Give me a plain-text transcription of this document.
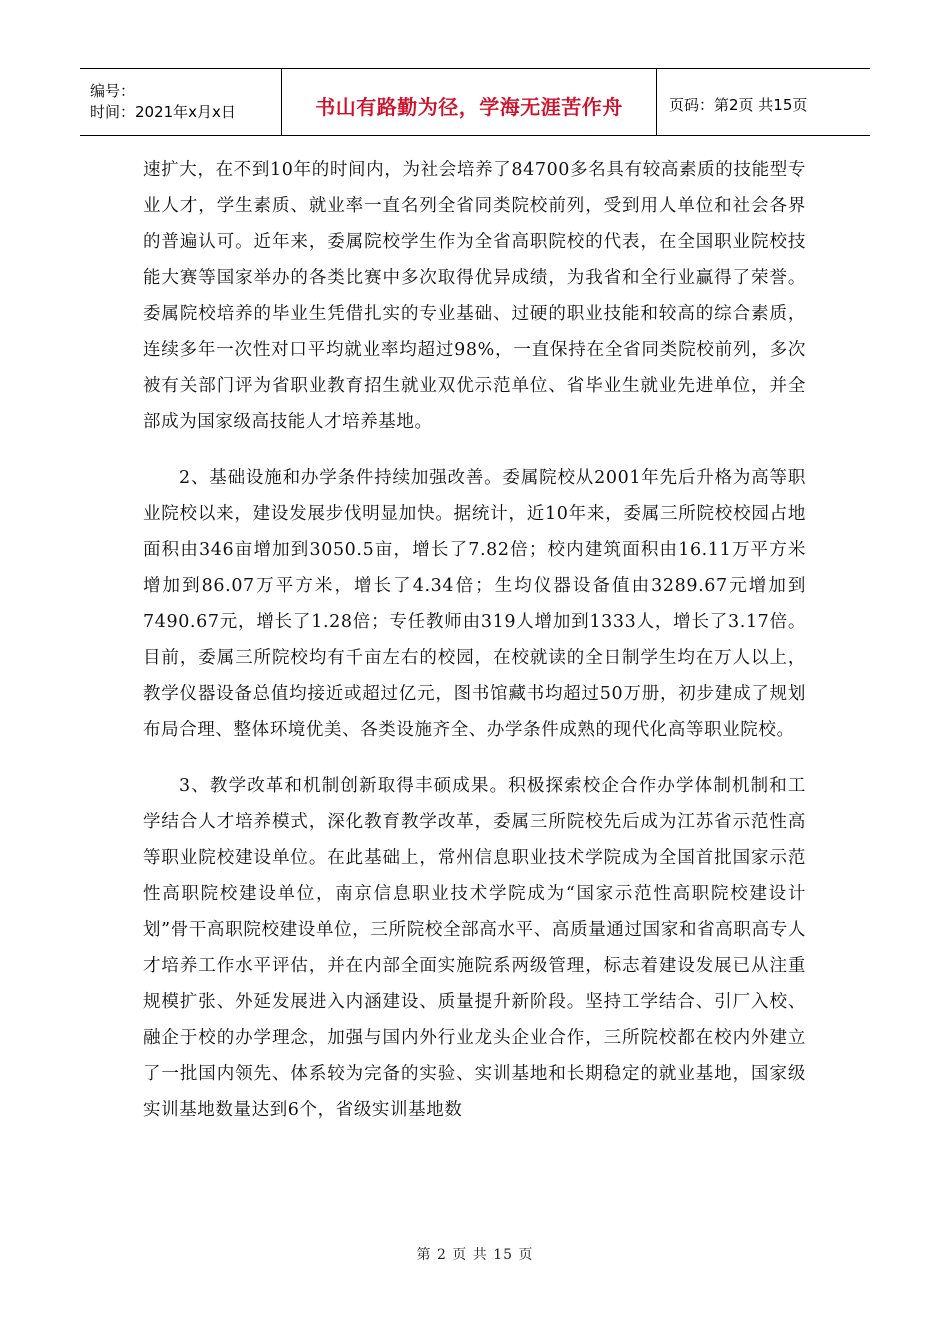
编号：
时间：2021年x月x日	书山有路勤为径，学海无涯苦作舟	页码：第2页 共15页

速扩大，在不到10年的时间内，为社会培养了84700多名具有较高素质的技能型专业人才，学生素质、就业率一直名列全省同类院校前列，受到用人单位和社会各界的普遍认可。近年来，委属院校学生作为全省高职院校的代表，在全国职业院校技能大赛等国家举办的各类比赛中多次取得优异成绩，为我省和全行业赢得了荣誉。委属院校培养的毕业生凭借扎实的专业基础、过硬的职业技能和较高的综合素质，连续多年一次性对口平均就业率均超过98%，一直保持在全省同类院校前列，多次被有关部门评为省职业教育招生就业双优示范单位、省毕业生就业先进单位，并全部成为国家级高技能人才培养基地。

2、基础设施和办学条件持续加强改善。委属院校从2001年先后升格为高等职业院校以来，建设发展步伐明显加快。据统计，近10年来，委属三所院校校园占地面积由346亩增加到3050.5亩，增长了7.82倍；校内建筑面积由16.11万平方米增加到86.07万平方米，增长了4.34倍；生均仪器设备值由3289.67元增加到7490.67元，增长了1.28倍；专任教师由319人增加到1333人，增长了3.17倍。目前，委属三所院校均有千亩左右的校园，在校就读的全日制学生均在万人以上，教学仪器设备总值均接近或超过亿元，图书馆藏书均超过50万册，初步建成了规划布局合理、整体环境优美、各类设施齐全、办学条件成熟的现代化高等职业院校。

3、教学改革和机制创新取得丰硕成果。积极探索校企合作办学体制机制和工学结合人才培养模式，深化教育教学改革，委属三所院校先后成为江苏省示范性高等职业院校建设单位。在此基础上，常州信息职业技术学院成为全国首批国家示范性高职院校建设单位，南京信息职业技术学院成为“国家示范性高职院校建设计划”骨干高职院校建设单位，三所院校全部高水平、高质量通过国家和省高职高专人才培养工作水平评估，并在内部全面实施院系两级管理，标志着建设发展已从注重规模扩张、外延发展进入内涵建设、质量提升新阶段。坚持工学结合、引厂入校、融企于校的办学理念，加强与国内外行业龙头企业合作，三所院校都在校内外建立了一批国内领先、体系较为完备的实验、实训基地和长期稳定的就业基地，国家级实训基地数量达到6个，省级实训基地数

第 2 页 共 15 页
